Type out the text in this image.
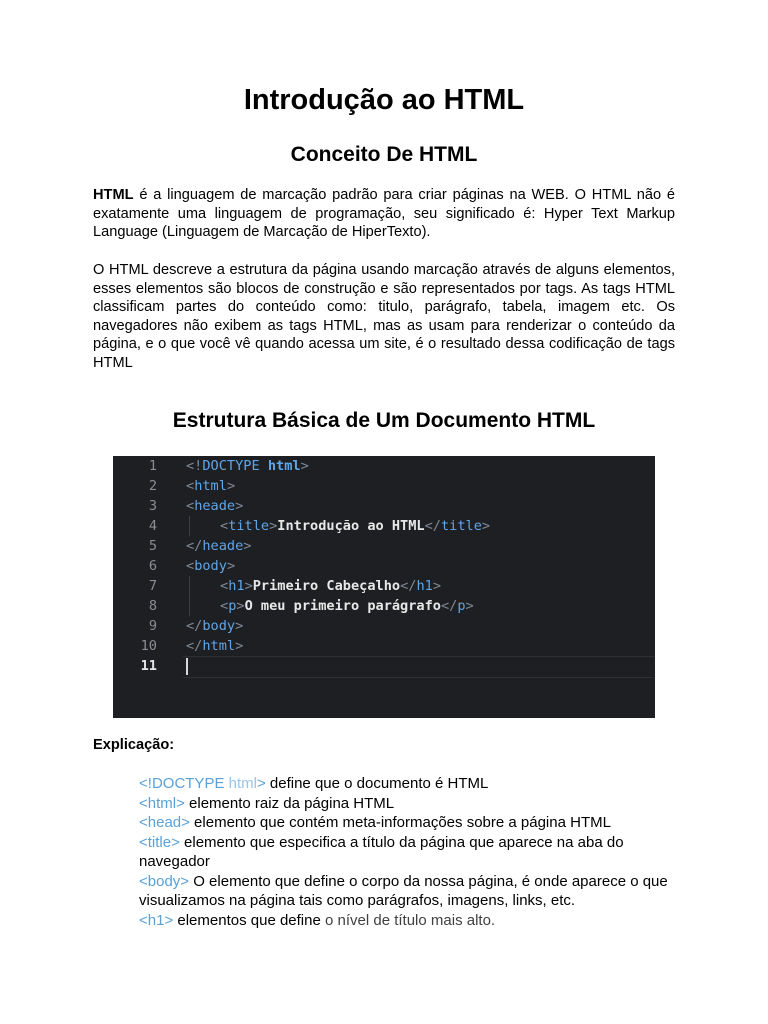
Introdução ao HTML
Conceito De HTML

HTML é a linguagem de marcação padrão para criar páginas na WEB. O HTML não é exatamente uma linguagem de programação, seu significado é: Hyper Text Markup Language (Linguagem de Marcação de HiperTexto).

O HTML descreve a estrutura da página usando marcação através de alguns elementos, esses elementos são blocos de construção e são representados por tags. As tags HTML classificam partes do conteúdo como: titulo, parágrafo, tabela, imagem etc. Os navegadores não exibem as tags HTML, mas as usam para renderizar o conteúdo da página, e o que você vê quando acessa um site, é o resultado dessa codificação de tags HTML

Estrutura Básica de Um Documento HTML
1
2
3
4
5
6
7
8
9
10
11
<!DOCTYPE html>
<html>
<heade>
<title>Introdução ao HTML</title>
</heade>
<body>
<h1>Primeiro Cabeçalho</h1>
<p>O meu primeiro parágrafo</p>
</body>
</html>

Explicação:

<!DOCTYPE html> define que o documento é HTML
<html> elemento raiz da página HTML
<head> elemento que contém meta-informações sobre a página HTML
<title> elemento que especifica a título da página que aparece na aba do navegador
<body> O elemento que define o corpo da nossa página, é onde aparece o que visualizamos na página tais como parágrafos, imagens, links, etc.
<h1> elementos que define o nível de título mais alto.
